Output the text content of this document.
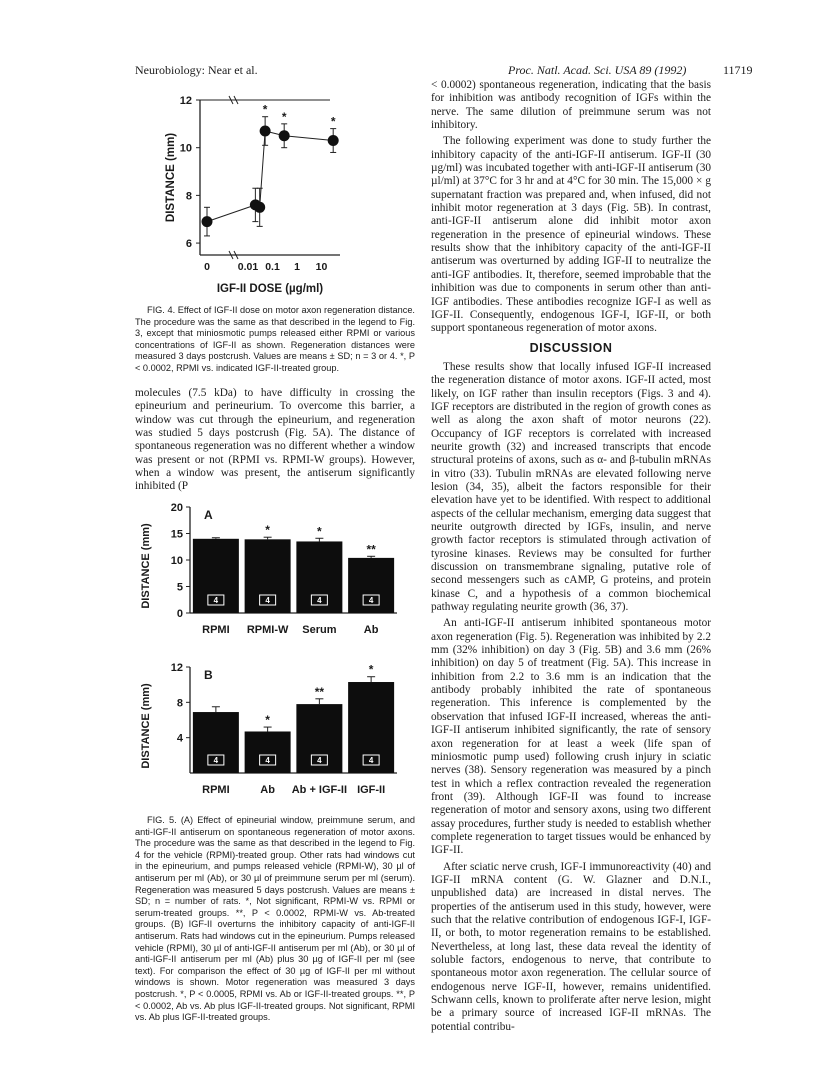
Neurobiology: Near et al.	Proc. Natl. Acad. Sci. USA 89 (1992)	11719
6
8
10
12
0	0.01 0.1 1 10
IGF-II DOSE (µg/ml)
DISTANCE (mm)
*
*	*

FIG. 4. Effect of IGF-II dose on motor axon regeneration distance. The procedure was the same as that described in the legend to Fig. 3, except that miniosmotic pumps released either RPMI or various concentrations of IGF-II as shown. Regeneration distances were measured 3 days postcrush. Values are means ± SD; n = 3 or 4. *, P < 0.0002, RPMI vs. indicated IGF-II-treated group.

molecules (7.5 kDa) to have difficulty in crossing the epineurium and perineurium. To overcome this barrier, a window was cut through the epineurium, and regeneration was studied 5 days postcrush (Fig. 5A). The distance of spontaneous regeneration was no different whether a window was present or not (RPMI vs. RPMI-W groups). However, when a window was present, the antiserum significantly inhibited (P

0
5
10
15
20 A
DISTANCE (mm)	4
RPMI
*
4
RPMI-W
*
4
Serum
**
4
Ab
4
8
12 B
DISTANCE (mm)	4
RPMI
*
4
Ab
**
4
Ab + IGF-II
*
4
IGF-II

FIG. 5. (A) Effect of epineurial window, preimmune serum, and anti-IGF-II antiserum on spontaneous regeneration of motor axons. The procedure was the same as that described in the legend to Fig. 4 for the vehicle (RPMI)-treated group. Other rats had windows cut in the epineurium, and pumps released vehicle (RPMI-W), 30 µl of antiserum per ml (Ab), or 30 µl of preimmune serum per ml (serum). Regeneration was measured 5 days postcrush. Values are means ± SD; n = number of rats. *, Not significant, RPMI-W vs. RPMI or serum-treated groups. **, P < 0.0002, RPMI-W vs. Ab-treated groups. (B) IGF-II overturns the inhibitory capacity of anti-IGF-II antiserum. Rats had windows cut in the epineurium. Pumps released vehicle (RPMI), 30 µl of anti-IGF-II antiserum per ml (Ab), or 30 µl of anti-IGF-II antiserum per ml (Ab) plus 30 µg of IGF-II per ml (see text). For comparison the effect of 30 µg of IGF-II per ml without windows is shown. Motor regeneration was measured 3 days postcrush. *, P < 0.0005, RPMI vs. Ab or IGF-II-treated groups. **, P < 0.0002, Ab vs. Ab plus IGF-II-treated groups. Not significant, RPMI vs. Ab plus IGF-II-treated groups.

< 0.0002) spontaneous regeneration, indicating that the basis for inhibition was antibody recognition of IGFs within the nerve. The same dilution of preimmune serum was not inhibitory.

The following experiment was done to study further the inhibitory capacity of the anti-IGF-II antiserum. IGF-II (30 µg/ml) was incubated together with anti-IGF-II antiserum (30 µl/ml) at 37°C for 3 hr and at 4°C for 30 min. The 15,000 × g supernatant fraction was prepared and, when infused, did not inhibit motor regeneration at 3 days (Fig. 5B). In contrast, anti-IGF-II antiserum alone did inhibit motor axon regeneration in the presence of epineurial windows. These results show that the inhibitory capacity of the anti-IGF-II antiserum was overturned by adding IGF-II to neutralize the anti-IGF antibodies. It, therefore, seemed improbable that the inhibition was due to components in serum other than anti-IGF antibodies. These antibodies recognize IGF-I as well as IGF-II. Consequently, endogenous IGF-I, IGF-II, or both support spontaneous regeneration of motor axons.

DISCUSSION

These results show that locally infused IGF-II increased the regeneration distance of motor axons. IGF-II acted, most likely, on IGF rather than insulin receptors (Figs. 3 and 4). IGF receptors are distributed in the region of growth cones as well as along the axon shaft of motor neurons (22). Occupancy of IGF receptors is correlated with increased neurite growth (32) and increased transcripts that encode structural proteins of axons, such as α- and β-tubulin mRNAs in vitro (33). Tubulin mRNAs are elevated following nerve lesion (34, 35), albeit the factors responsible for their elevation have yet to be identified. With respect to additional aspects of the cellular mechanism, emerging data suggest that neurite outgrowth directed by IGFs, insulin, and nerve growth factor receptors is stimulated through activation of tyrosine kinases. Reviews may be consulted for further discussion on transmembrane signaling, putative role of second messengers such as cAMP, G proteins, and protein kinase C, and a hypothesis of a common biochemical pathway regulating neurite growth (36, 37).

An anti-IGF-II antiserum inhibited spontaneous motor axon regeneration (Fig. 5). Regeneration was inhibited by 2.2 mm (32% inhibition) on day 3 (Fig. 5B) and 3.6 mm (26% inhibition) on day 5 of treatment (Fig. 5A). This increase in inhibition from 2.2 to 3.6 mm is an indication that the antibody probably inhibited the rate of spontaneous regeneration. This inference is complemented by the observation that infused IGF-II increased, whereas the anti-IGF-II antiserum inhibited significantly, the rate of sensory axon regeneration for at least a week (life span of miniosmotic pump used) following crush injury in sciatic nerves (38). Sensory regeneration was measured by a pinch test in which a reflex contraction revealed the regeneration front (39). Although IGF-II was found to increase regeneration of motor and sensory axons, using two different assay procedures, further study is needed to establish whether complete regeneration to target tissues would be enhanced by IGF-II.

After sciatic nerve crush, IGF-I immunoreactivity (40) and IGF-II mRNA content (G. W. Glazner and D.N.I., unpublished data) are increased in distal nerves. The properties of the antiserum used in this study, however, were such that the relative contribution of endogenous IGF-I, IGF-II, or both, to motor regeneration remains to be established. Nevertheless, at long last, these data reveal the identity of soluble factors, endogenous to nerve, that contribute to spontaneous motor axon regeneration. The cellular source of endogenous nerve IGF-II, however, remains unidentified. Schwann cells, known to proliferate after nerve lesion, might be a primary source of increased IGF-II mRNAs. The potential contribu-
